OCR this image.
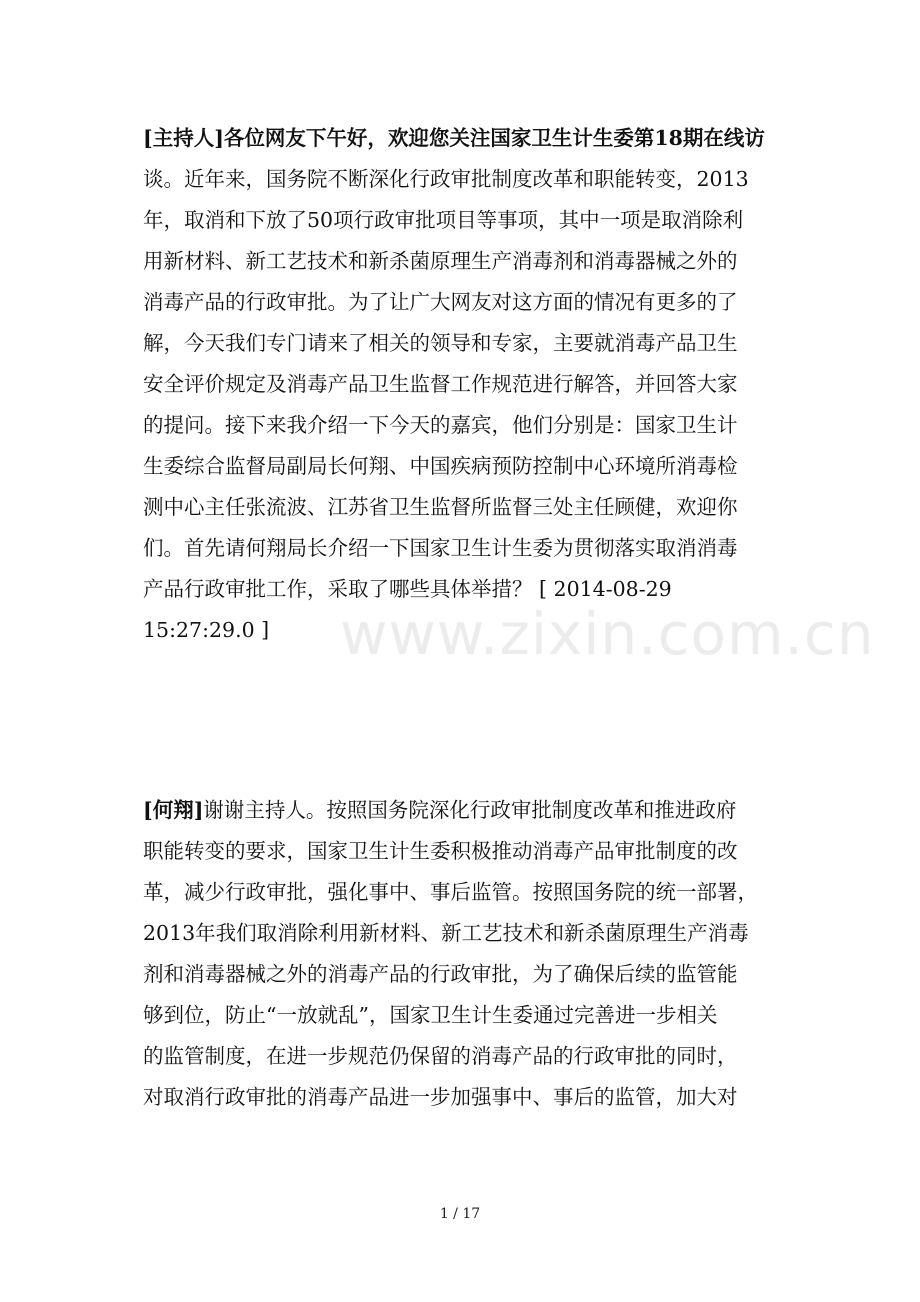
www.zixin.com.cn
[主持人]各位网友下午好，欢迎您关注国家卫生计生委第18期在线访
谈。近年来，国务院不断深化行政审批制度改革和职能转变，2013
年，取消和下放了50项行政审批项目等事项，其中一项是取消除利
用新材料、新工艺技术和新杀菌原理生产消毒剂和消毒器械之外的
消毒产品的行政审批。为了让广大网友对这方面的情况有更多的了
解，今天我们专门请来了相关的领导和专家，主要就消毒产品卫生
安全评价规定及消毒产品卫生监督工作规范进行解答，并回答大家
的提问。接下来我介绍一下今天的嘉宾，他们分别是：国家卫生计
生委综合监督局副局长何翔、中国疾病预防控制中心环境所消毒检
测中心主任张流波、江苏省卫生监督所监督三处主任顾健，欢迎你
们。首先请何翔局长介绍一下国家卫生计生委为贯彻落实取消消毒
产品行政审批工作，采取了哪些具体举措？ [ 2014-08-29
15:27:29.0 ]
[何翔]谢谢主持人。按照国务院深化行政审批制度改革和推进政府
职能转变的要求，国家卫生计生委积极推动消毒产品审批制度的改
革，减少行政审批，强化事中、事后监管。按照国务院的统一部署，
2013年我们取消除利用新材料、新工艺技术和新杀菌原理生产消毒
剂和消毒器械之外的消毒产品的行政审批，为了确保后续的监管能
够到位，防止“一放就乱”，国家卫生计生委通过完善进一步相关
的监管制度，在进一步规范仍保留的消毒产品的行政审批的同时，
对取消行政审批的消毒产品进一步加强事中、事后的监管，加大对
1 / 17
